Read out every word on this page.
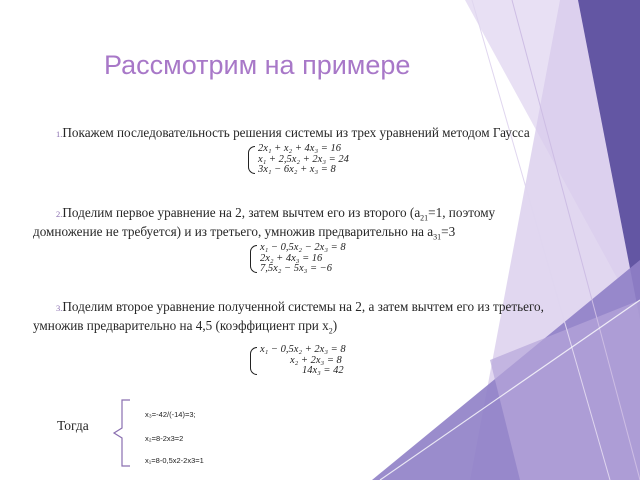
Рассмотрим на примере
1.Покажем последовательность решения системы из трех уравнений методом Гаусса
2x₁ + x₂ + 4x₃ = 16
x₁ + 2,5x₂ + 2x₃ = 24
3x₁ − 6x₂ + x₃ = 8
2.Поделим первое уравнение на 2, затем вычтем его из второго ($а_{21}=1$, поэтому
домножение не требуется) и из третьего, умножив предварительно на $а_{31}=3$
x₁ − 0,5x₂ − 2x₃ = 8
2x₂ + 4x₃ = 16
7,5x₂ − 5x₃ = −6
3.Поделим второе уравнение полученной системы на 2, а затем вычтем его из третьего,
умножив предварительно на 4,5 (коэффициент при $х_2$)
x₁ − 0,5x₂ + 2x₃ = 8
x₂ + 2x₃ = 8
14x₃ = 42
Тогда
x₃=-42/(-14)=3;
x₂=8-2x3=2
x₁=8-0,5x2-2x3=1
